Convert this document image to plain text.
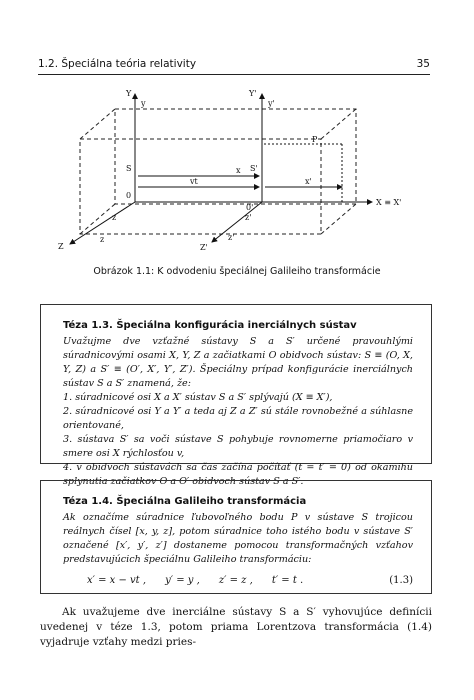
1.2. Špeciálna teória relativity	35
Y
y
Y'
y'
P
S	S'
x
vt	x'
0
0'
X ≡ X'
Z
z
z
Z'
z'
z'
Obrázok 1.1: K odvodeniu špeciálnej Galileiho transformácie
Téza 1.3. Špeciálna konfigurácia inerciálnych sústav

Uvažujme dve vzťažné sústavy S a S′ určené pravouhlými súradnicovými osami X, Y, Z a začiatkami O obidvoch sústav: S ≡ (O, X, Y, Z) a S′ ≡ (O′, X′, Y′, Z′). Špeciálny prípad konfigurácie inerciálnych sústav S a S′ znamená, že:

1. súradnicové osi X a X′ sústav S a S′ splývajú (X ≡ X′),

2. súradnicové osi Y a Y′ a teda aj Z a Z′ sú stále rovnobežné a súhlasne orientované,

3. sústava S′ sa voči sústave S pohybuje rovnomerne priamočiaro v smere osi X rýchlosťou v,

4. v obidvoch sústavách sa čas začína počítať (t = t′ = 0) od okamihu splynutia začiatkov O a O′ obidvoch sústav S a S′.

Téza 1.4. Špeciálna Galileiho transformácia

Ak označíme súradnice ľubovoľného bodu P v sústave S trojicou reálnych čísel [x, y, z], potom súradnice toho istého bodu v sústave S′ označené [x′, y′, z′] dostaneme pomocou transformačných vzťahov predstavujúcich špeciálnu Galileiho transformáciu:

x′ = x − vt ,      y′ = y ,      z′ = z ,      t′ = t .	(1.3)

Ak uvažujeme dve inerciálne sústavy S a S′ vyhovujúce definícii uvedenej v téze 1.3, potom priama Lorentzova transformácia (1.4) vyjadruje vzťahy medzi pries-
